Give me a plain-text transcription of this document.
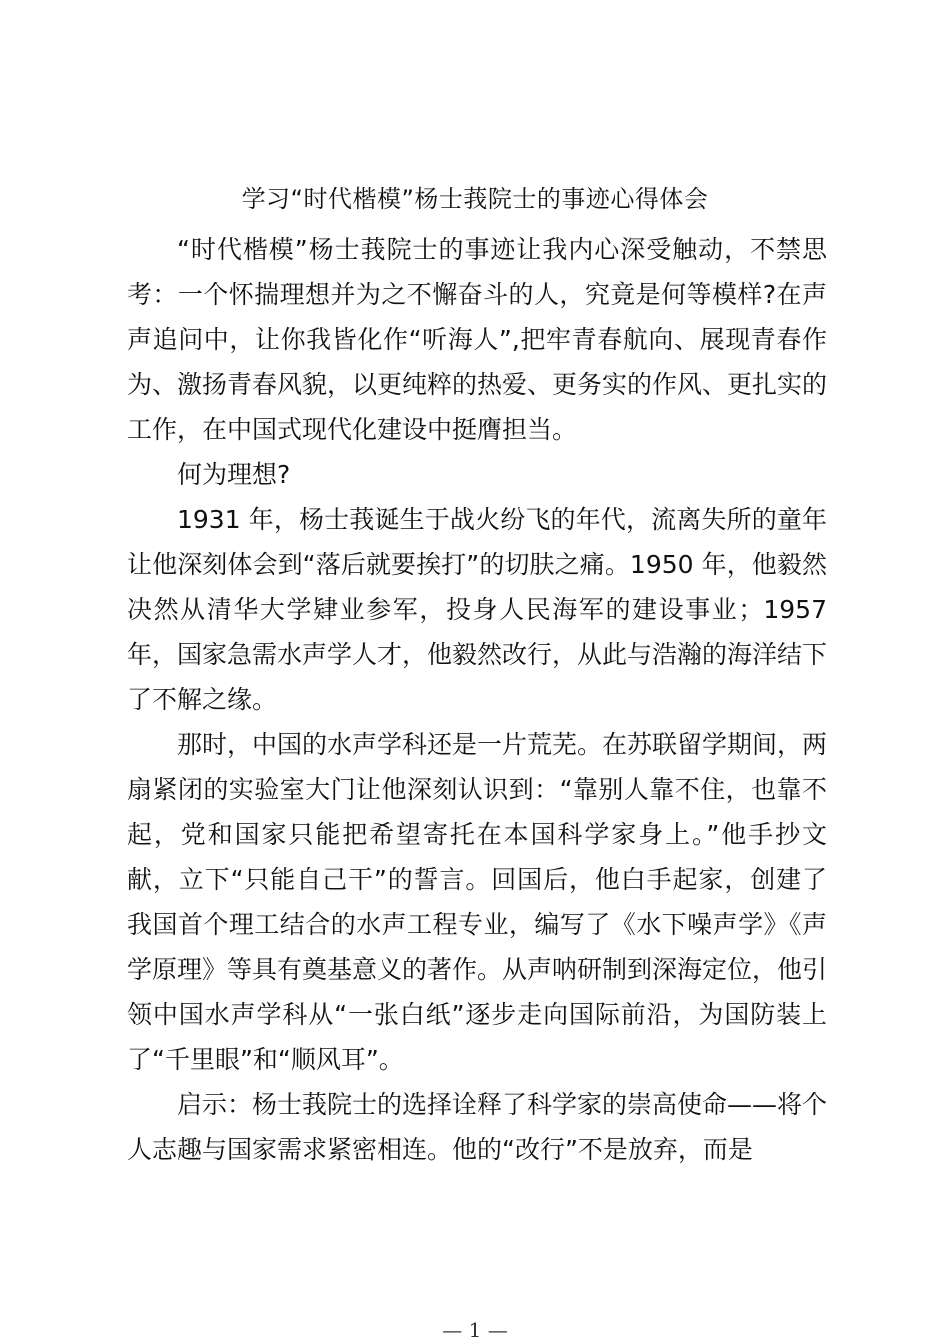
学习“时代楷模”杨士莪院士的事迹心得体会

“时代楷模”杨士莪院士的事迹让我内心深受触动，不禁思考：一个怀揣理想并为之不懈奋斗的人，究竟是何等模样?在声声追问中，让你我皆化作“听海人”,把牢青春航向、展现青春作为、激扬青春风貌，以更纯粹的热爱、更务实的作风、更扎实的工作，在中国式现代化建设中挺膺担当。

何为理想?

1931 年，杨士莪诞生于战火纷飞的年代，流离失所的童年让他深刻体会到“落后就要挨打”的切肤之痛。1950 年，他毅然决然从清华大学肄业参军，投身人民海军的建设事业；1957 年，国家急需水声学人才，他毅然改行，从此与浩瀚的海洋结下了不解之缘。

那时，中国的水声学科还是一片荒芜。在苏联留学期间，两扇紧闭的实验室大门让他深刻认识到：“靠别人靠不住，也靠不起，党和国家只能把希望寄托在本国科学家身上。”他手抄文献，立下“只能自己干”的誓言。回国后，他白手起家，创建了我国首个理工结合的水声工程专业，编写了《水下噪声学》《声学原理》等具有奠基意义的著作。从声呐研制到深海定位，他引领中国水声学科从“一张白纸”逐步走向国际前沿，为国防装上了“千里眼”和“顺风耳”。

启示：杨士莪院士的选择诠释了科学家的崇高使命——将个人志趣与国家需求紧密相连。他的“改行”不是放弃，而是

— 1 —
